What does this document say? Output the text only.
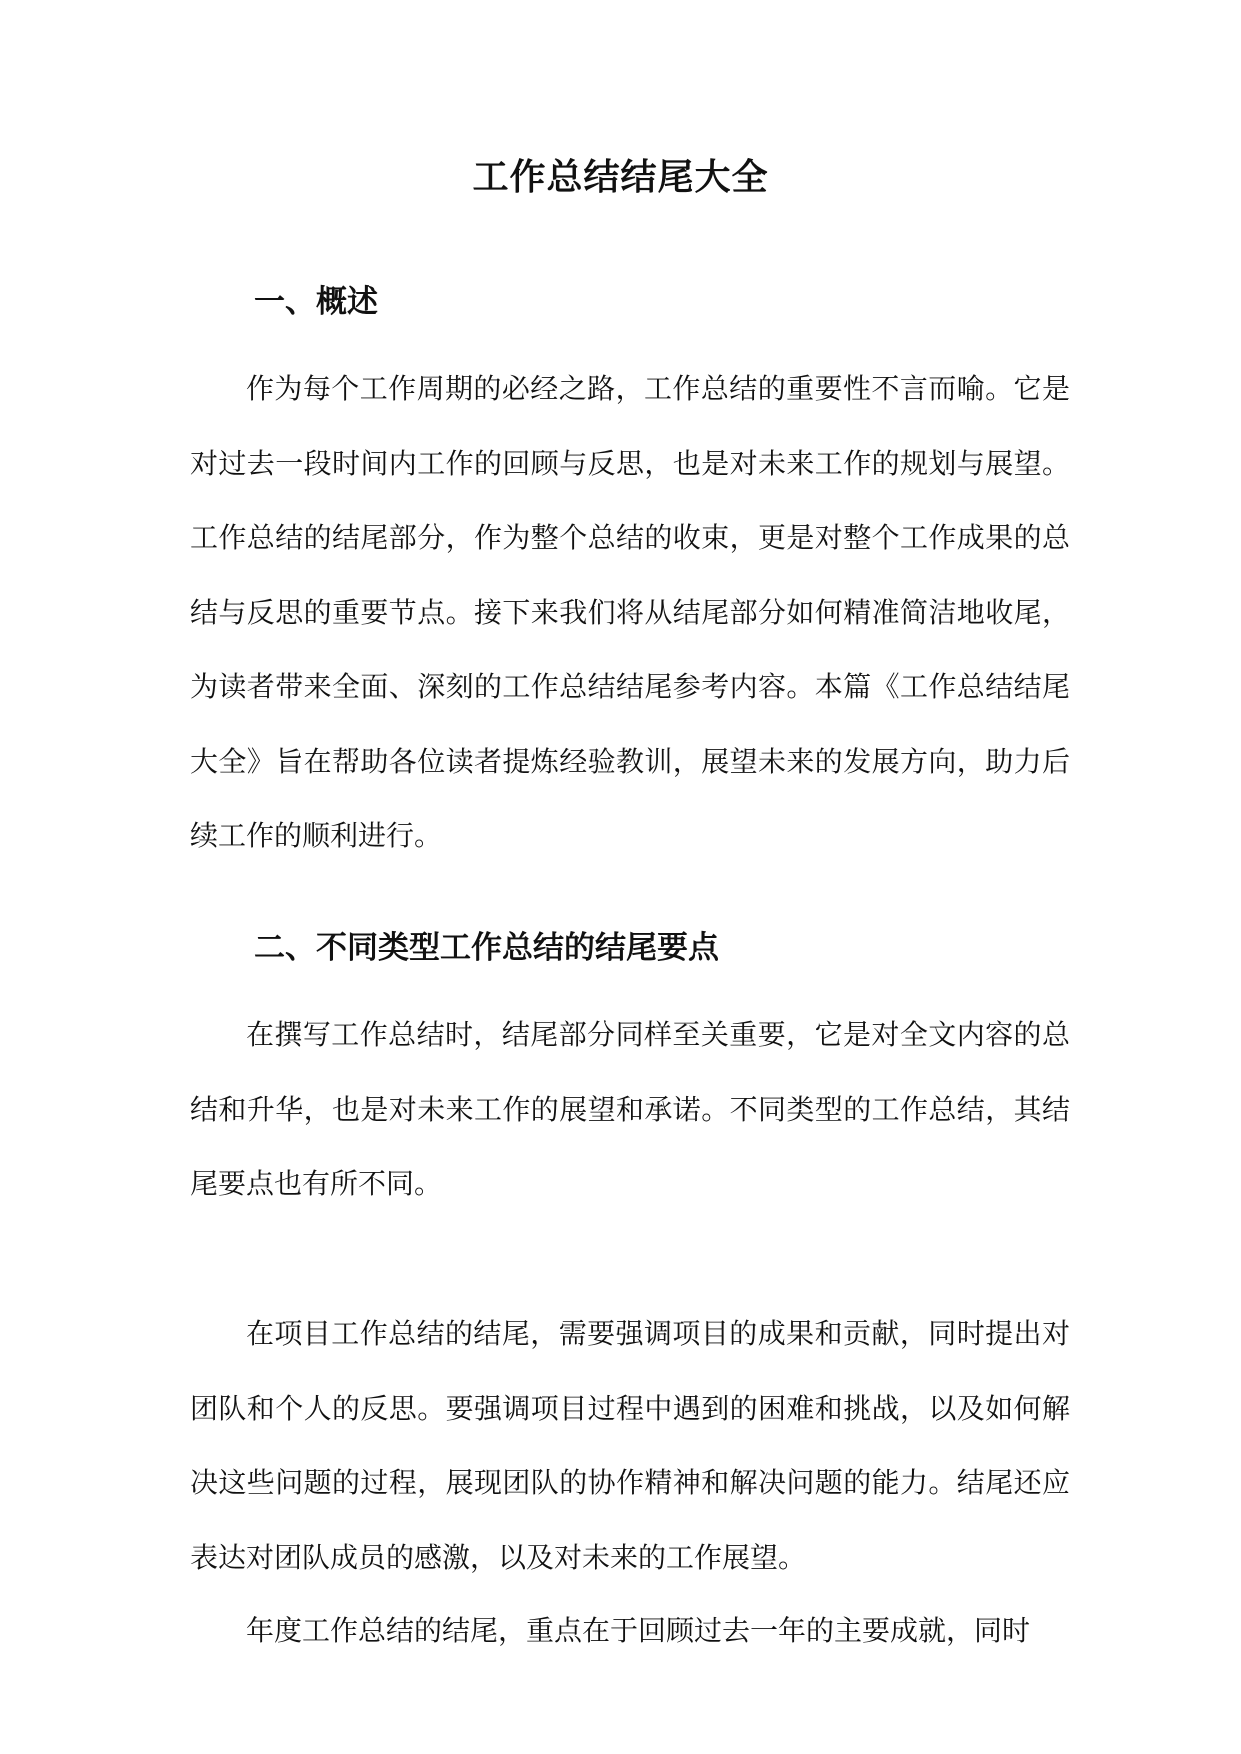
工作总结结尾大全
一、概述

作为每个工作周期的必经之路，工作总结的重要性不言而喻。它是对过去一段时间内工作的回顾与反思，也是对未来工作的规划与展望。工作总结的结尾部分，作为整个总结的收束，更是对整个工作成果的总结与反思的重要节点。接下来我们将从结尾部分如何精准简洁地收尾，为读者带来全面、深刻的工作总结结尾参考内容。本篇《工作总结结尾大全》旨在帮助各位读者提炼经验教训，展望未来的发展方向，助力后续工作的顺利进行。

二、不同类型工作总结的结尾要点

在撰写工作总结时，结尾部分同样至关重要，它是对全文内容的总结和升华，也是对未来工作的展望和承诺。不同类型的工作总结，其结尾要点也有所不同。

在项目工作总结的结尾，需要强调项目的成果和贡献，同时提出对团队和个人的反思。要强调项目过程中遇到的困难和挑战，以及如何解决这些问题的过程，展现团队的协作精神和解决问题的能力。结尾还应表达对团队成员的感激，以及对未来的工作展望。

年度工作总结的结尾，重点在于回顾过去一年的主要成就，同时
